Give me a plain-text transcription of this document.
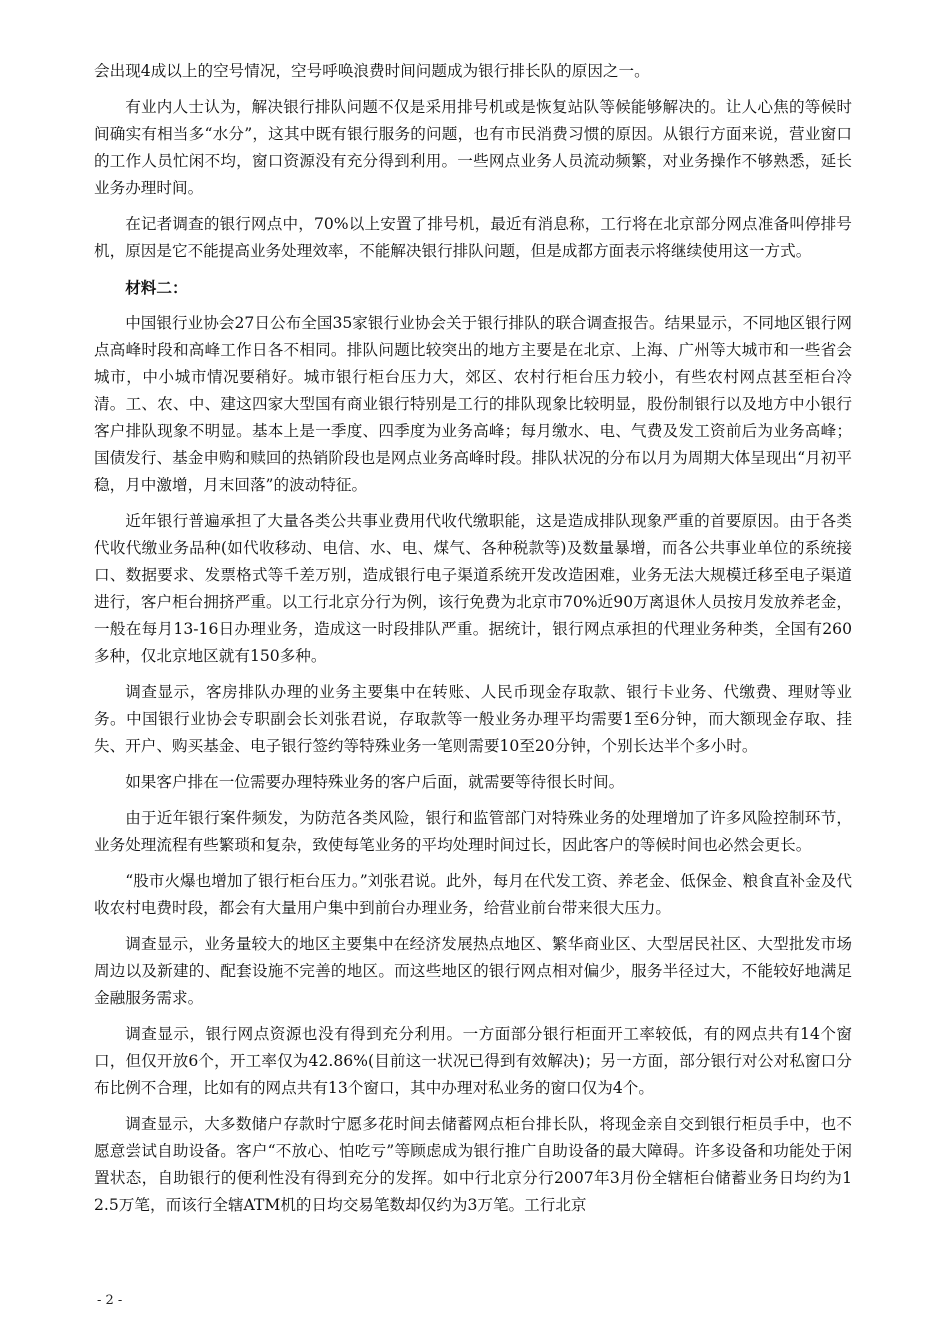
会出现4成以上的空号情况，空号呼唤浪费时间问题成为银行排长队的原因之一。

有业内人士认为，解决银行排队问题不仅是采用排号机或是恢复站队等候能够解决的。让人心焦的等候时间确实有相当多“水分”，这其中既有银行服务的问题，也有市民消费习惯的原因。从银行方面来说，营业窗口的工作人员忙闲不均，窗口资源没有充分得到利用。一些网点业务人员流动频繁，对业务操作不够熟悉，延长业务办理时间。

在记者调查的银行网点中，70%以上安置了排号机，最近有消息称，工行将在北京部分网点准备叫停排号机，原因是它不能提高业务处理效率，不能解决银行排队问题，但是成都方面表示将继续使用这一方式。

材料二：

中国银行业协会27日公布全国35家银行业协会关于银行排队的联合调查报告。结果显示，不同地区银行网点高峰时段和高峰工作日各不相同。排队问题比较突出的地方主要是在北京、上海、广州等大城市和一些省会城市，中小城市情况要稍好。城市银行柜台压力大，郊区、农村行柜台压力较小，有些农村网点甚至柜台冷清。工、农、中、建这四家大型国有商业银行特别是工行的排队现象比较明显，股份制银行以及地方中小银行客户排队现象不明显。基本上是一季度、四季度为业务高峰；每月缴水、电、气费及发工资前后为业务高峰；国债发行、基金申购和赎回的热销阶段也是网点业务高峰时段。排队状况的分布以月为周期大体呈现出“月初平稳，月中激增，月末回落”的波动特征。

近年银行普遍承担了大量各类公共事业费用代收代缴职能，这是造成排队现象严重的首要原因。由于各类代收代缴业务品种(如代收移动、电信、水、电、煤气、各种税款等)及数量暴增，而各公共事业单位的系统接口、数据要求、发票格式等千差万别，造成银行电子渠道系统开发改造困难，业务无法大规模迁移至电子渠道进行，客户柜台拥挤严重。以工行北京分行为例，该行免费为北京市70%近90万离退休人员按月发放养老金，一般在每月13-16日办理业务，造成这一时段排队严重。据统计，银行网点承担的代理业务种类，全国有260多种，仅北京地区就有150多种。

调查显示，客房排队办理的业务主要集中在转账、人民币现金存取款、银行卡业务、代缴费、理财等业务。中国银行业协会专职副会长刘张君说，存取款等一般业务办理平均需要1至6分钟，而大额现金存取、挂失、开户、购买基金、电子银行签约等特殊业务一笔则需要10至20分钟，个别长达半个多小时。

如果客户排在一位需要办理特殊业务的客户后面，就需要等待很长时间。

由于近年银行案件频发，为防范各类风险，银行和监管部门对特殊业务的处理增加了许多风险控制环节，业务处理流程有些繁琐和复杂，致使每笔业务的平均处理时间过长，因此客户的等候时间也必然会更长。

“股市火爆也增加了银行柜台压力。”刘张君说。此外，每月在代发工资、养老金、低保金、粮食直补金及代收农村电费时段，都会有大量用户集中到前台办理业务，给营业前台带来很大压力。

调查显示，业务量较大的地区主要集中在经济发展热点地区、繁华商业区、大型居民社区、大型批发市场周边以及新建的、配套设施不完善的地区。而这些地区的银行网点相对偏少，服务半径过大，不能较好地满足金融服务需求。

调查显示，银行网点资源也没有得到充分利用。一方面部分银行柜面开工率较低，有的网点共有14个窗口，但仅开放6个，开工率仅为42.86%(目前这一状况已得到有效解决)；另一方面，部分银行对公对私窗口分布比例不合理，比如有的网点共有13个窗口，其中办理对私业务的窗口仅为4个。

调查显示，大多数储户存款时宁愿多花时间去储蓄网点柜台排长队，将现金亲自交到银行柜员手中，也不愿意尝试自助设备。客户“不放心、怕吃亏”等顾虑成为银行推广自助设备的最大障碍。许多设备和功能处于闲置状态，自助银行的便利性没有得到充分的发挥。如中行北京分行2007年3月份全辖柜台储蓄业务日均约为12.5万笔，而该行全辖ATM机的日均交易笔数却仅约为3万笔。工行北京

- 2 -
